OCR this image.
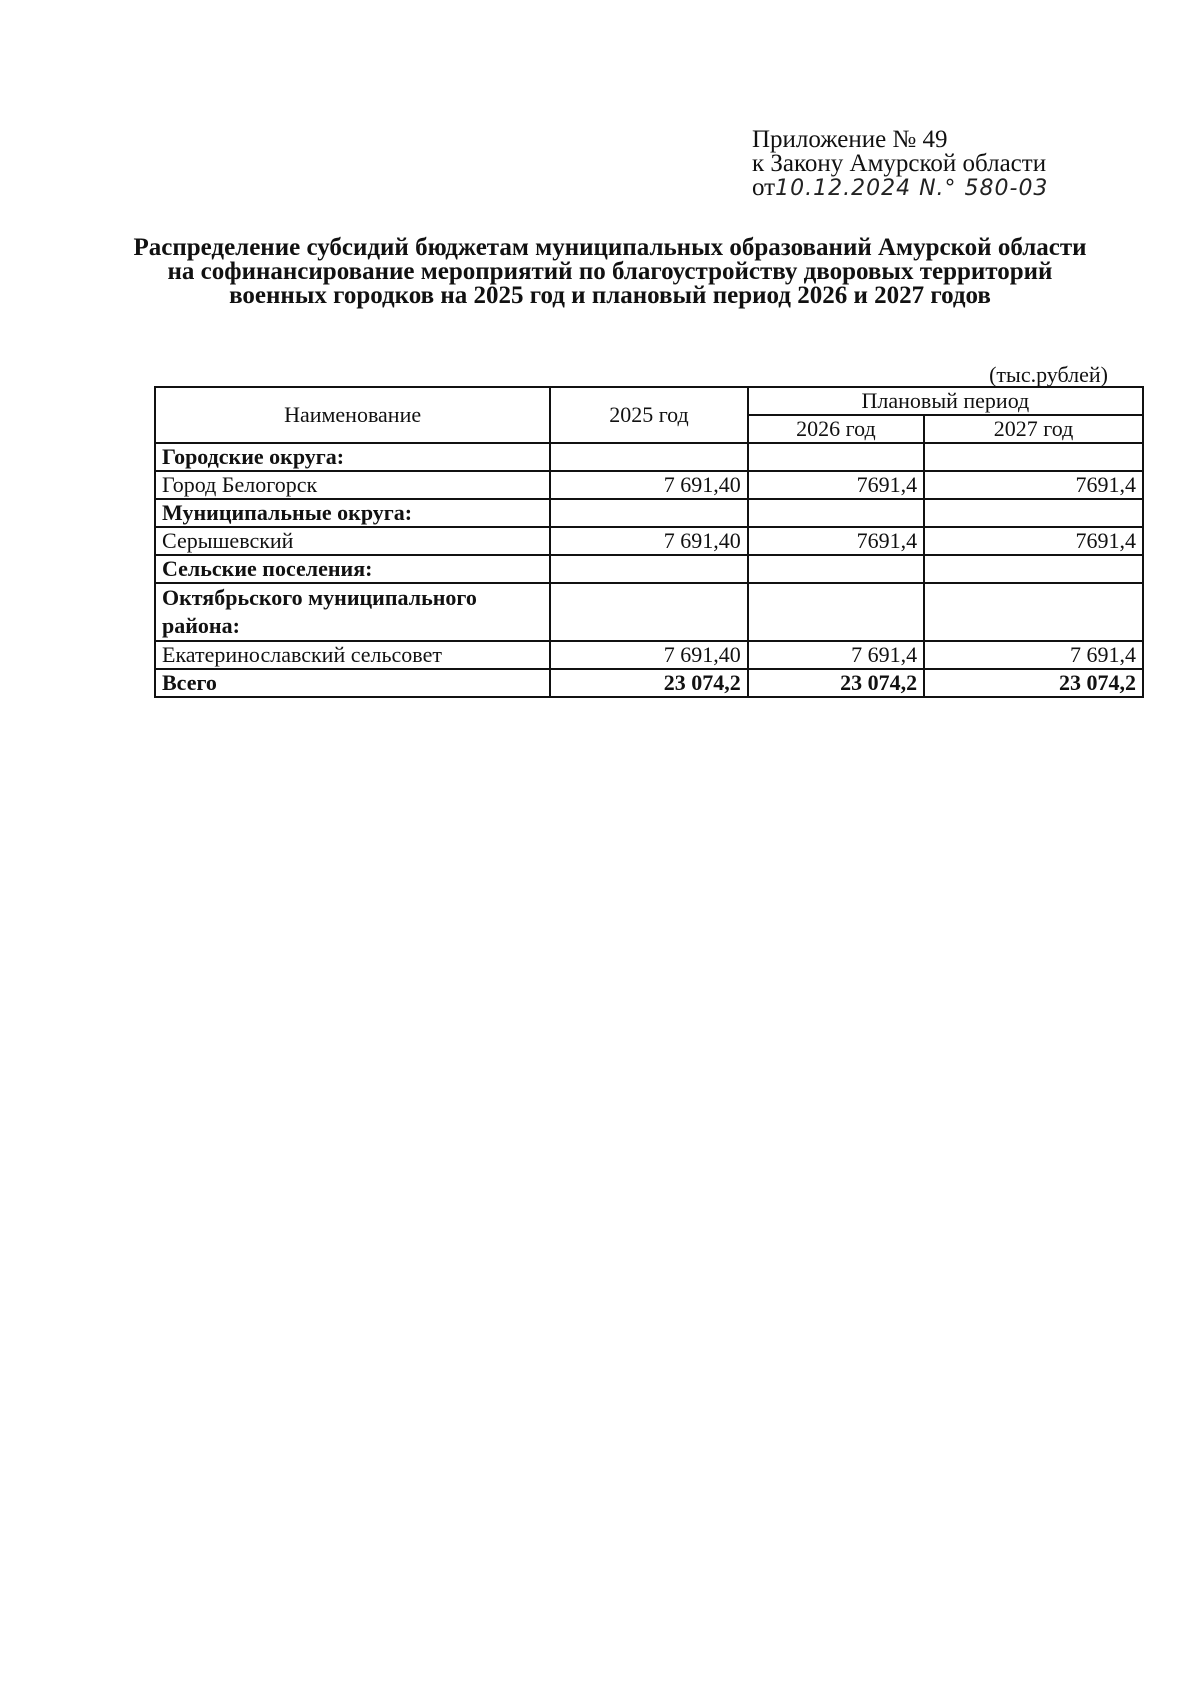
Приложение № 49
к Закону Амурской области
от10.12.2024 N.° 580-03
Распределение субсидий бюджетам муниципальных образований Амурской области на софинансирование мероприятий по благоустройству дворовых территорий военных городков на 2025 год и плановый период 2026 и 2027 годов
(тыс.рублей)
Наименование	2025 год	Плановый период	
		2026 год	2027 год
Городские округа:			
Город Белогорск	7 691,40	7691,4	7691,4
Муниципальные округа:			
Серышевский	7 691,40	7691,4	7691,4
Сельские поселения:			
Октябрьского муниципального района:			
Екатеринославский сельсовет	7 691,40	7 691,4	7 691,4
Всего	23 074,2	23 074,2	23 074,2
